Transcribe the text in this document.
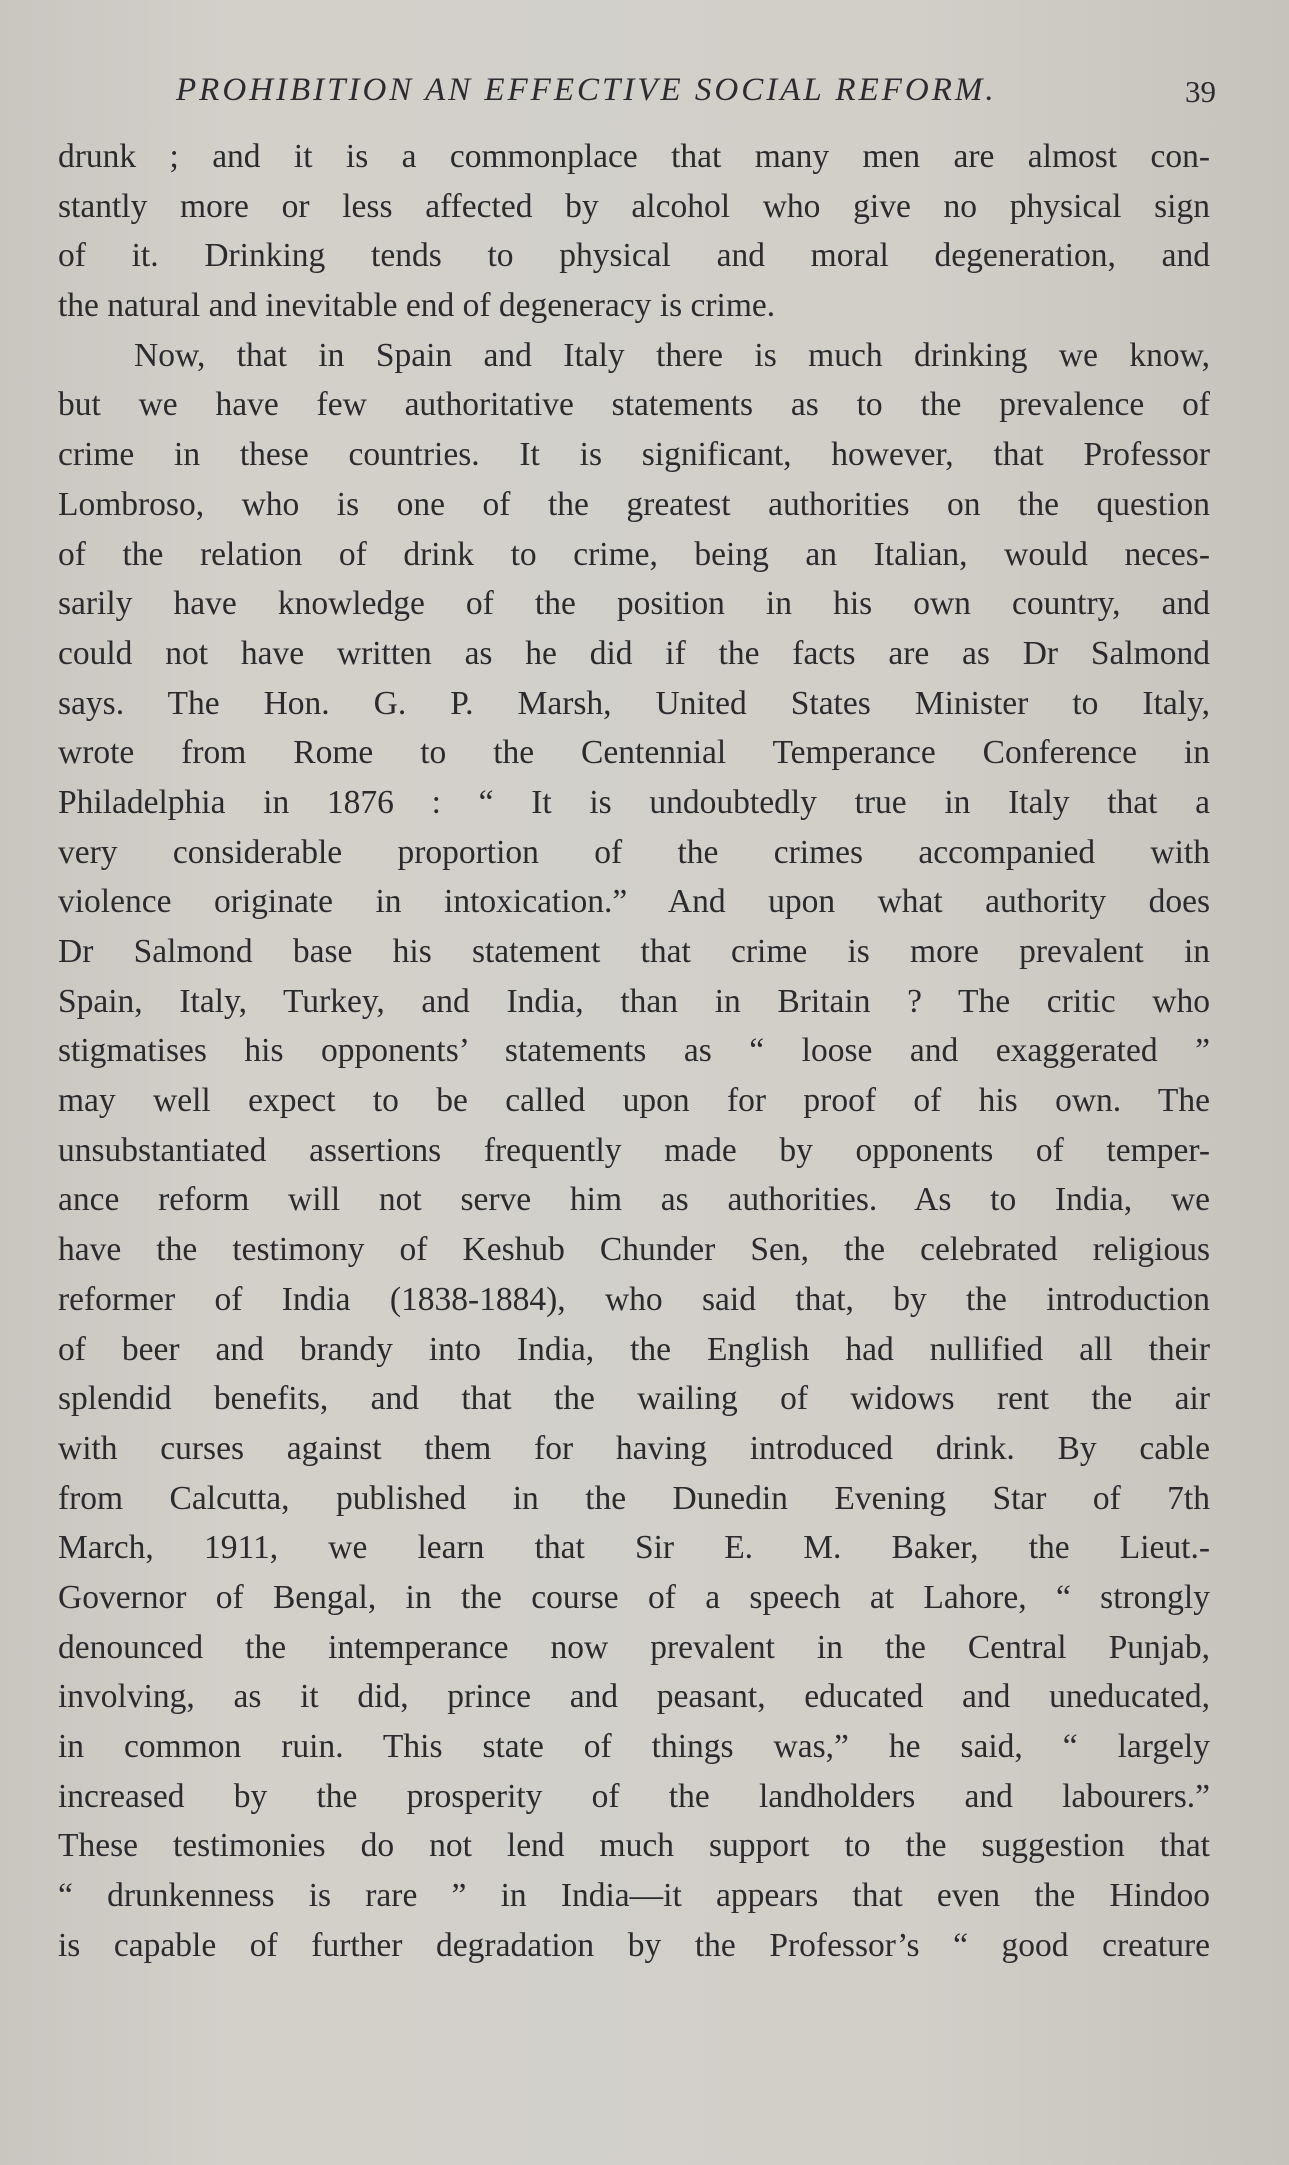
PROHIBITION AN EFFECTIVE SOCIAL REFORM.	39
drunk ; and it is a commonplace that many men are almost con-
stantly more or less affected by alcohol who give no physical sign
of it. Drinking tends to physical and moral degeneration, and
the natural and inevitable end of degeneracy is crime.
Now, that in Spain and Italy there is much drinking we know,
but we have few authoritative statements as to the prevalence of
crime in these countries. It is significant, however, that Professor
Lombroso, who is one of the greatest authorities on the question
of the relation of drink to crime, being an Italian, would neces-
sarily have knowledge of the position in his own country, and
could not have written as he did if the facts are as Dr Salmond
says. The Hon. G. P. Marsh, United States Minister to Italy,
wrote from Rome to the Centennial Temperance Conference in
Philadelphia in 1876 : “ It is undoubtedly true in Italy that a
very considerable proportion of the crimes accompanied with
violence originate in intoxication.” And upon what authority does
Dr Salmond base his statement that crime is more prevalent in
Spain, Italy, Turkey, and India, than in Britain ? The critic who
stigmatises his opponents’ statements as “ loose and exaggerated ”
may well expect to be called upon for proof of his own. The
unsubstantiated assertions frequently made by opponents of temper-
ance reform will not serve him as authorities. As to India, we
have the testimony of Keshub Chunder Sen, the celebrated religious
reformer of India (1838-1884), who said that, by the introduction
of beer and brandy into India, the English had nullified all their
splendid benefits, and that the wailing of widows rent the air
with curses against them for having introduced drink. By cable
from Calcutta, published in the Dunedin Evening Star of 7th
March, 1911, we learn that Sir E. M. Baker, the Lieut.-
Governor of Bengal, in the course of a speech at Lahore, “ strongly
denounced the intemperance now prevalent in the Central Punjab,
involving, as it did, prince and peasant, educated and uneducated,
in common ruin. This state of things was,” he said, “ largely
increased by the prosperity of the landholders and labourers.”
These testimonies do not lend much support to the suggestion that
“ drunkenness is rare ” in India—it appears that even the Hindoo
is capable of further degradation by the Professor’s “ good creature
